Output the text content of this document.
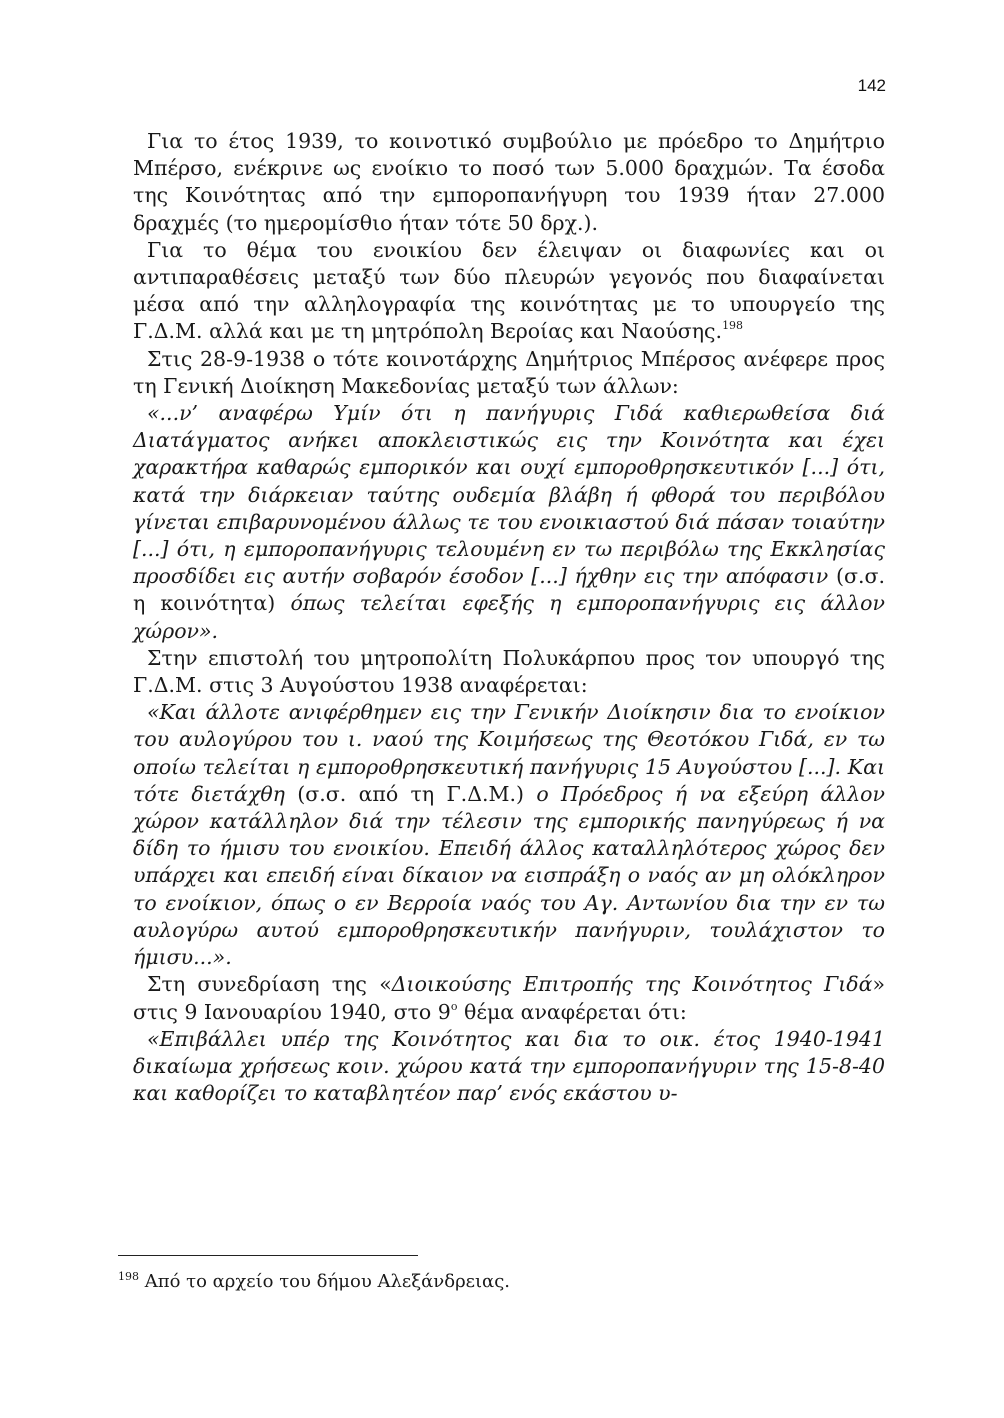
142

Για το έτος 1939, το κοινοτικό συμβούλιο με πρόεδρο το Δημήτριο Μπέρσο, ενέκρινε ως ενοίκιο το ποσό των 5.000 δραχμών. Τα έσοδα της Κοινότητας από την εμποροπανήγυρη του 1939 ήταν 27.000 δραχμές (το ημερομίσθιο ήταν τότε 50 δρχ.).

Για το θέμα του ενοικίου δεν έλειψαν οι διαφωνίες και οι αντιπαραθέσεις μεταξύ των δύο πλευρών γεγονός που διαφαίνεται μέσα από την αλληλογραφία της κοινότητας με το υπουργείο της Γ.Δ.Μ. αλλά και με τη μητρόπολη Βεροίας και Ναούσης.$^{198}$

Στις 28-9-1938 ο τότε κοινοτάρχης Δημήτριος Μπέρσος ανέφερε προς τη Γενική Διοίκηση Μακεδονίας μεταξύ των άλλων:

«...ν’ αναφέρω Υμίν ότι η πανήγυρις Γιδά καθιερωθείσα διά Διατάγματος ανήκει αποκλειστικώς εις την Κοινότητα και έχει χαρακτήρα καθαρώς εμπορικόν και ουχί εμποροθρησκευτικόν [...] ότι, κατά την διάρκειαν ταύτης ουδεμία βλάβη ή φθορά του περιβόλου γίνεται επιβαρυνομένου άλλως τε του ενοικιαστού διά πάσαν τοιαύτην [...] ότι, η εμποροπανήγυρις τελουμένη εν τω περιβόλω της Εκκλησίας προσδίδει εις αυτήν σοβαρόν έσοδον [...] ήχθην εις την απόφασιν (σ.σ. η κοινότητα) όπως τελείται εφεξής η εμποροπανήγυρις εις άλλον χώρον».

Στην επιστολή του μητροπολίτη Πολυκάρπου προς τον υπουργό της Γ.Δ.Μ. στις 3 Αυγούστου 1938 αναφέρεται:

«Και άλλοτε ανιφέρθημεν εις την Γενικήν Διοίκησιν δια το ενοίκιον του αυλογύρου του ι. ναού της Κοιμήσεως της Θεοτόκου Γιδά, εν τω οποίω τελείται η εμποροθρησκευτική πανήγυρις 15 Αυγούστου [...]. Και τότε διετάχθη (σ.σ. από τη Γ.Δ.Μ.) ο Πρόεδρος ή να εξεύρη άλλον χώρον κατάλληλον διά την τέλεσιν της εμπορικής πανηγύρεως ή να δίδη το ήμισυ του ενοικίου. Επειδή άλλος καταλληλότερος χώρος δεν υπάρχει και επειδή είναι δίκαιον να εισπράξη ο ναός αν μη ολόκληρον το ενοίκιον, όπως ο εν Βερροία ναός του Αγ. Αντωνίου δια την εν τω αυλογύρω αυτού εμποροθρησκευτικήν πανήγυριν, τουλάχιστον το ήμισυ...».

Στη συνεδρίαση της «Διοικούσης Επιτροπής της Κοινότητος Γιδά» στις 9 Ιανουαρίου 1940, στο $9^o$ θέμα αναφέρεται ότι:

«Επιβάλλει υπέρ της Κοινότητος και δια το οικ. έτος 1940-1941 δικαίωμα χρήσεως κοιν. χώρου κατά την εμποροπανήγυριν της 15-8-40 και καθορίζει το καταβλητέον παρ’ ενός εκάστου υ-

$^{198}$ Από το αρχείο του δήμου Αλεξάνδρειας.
